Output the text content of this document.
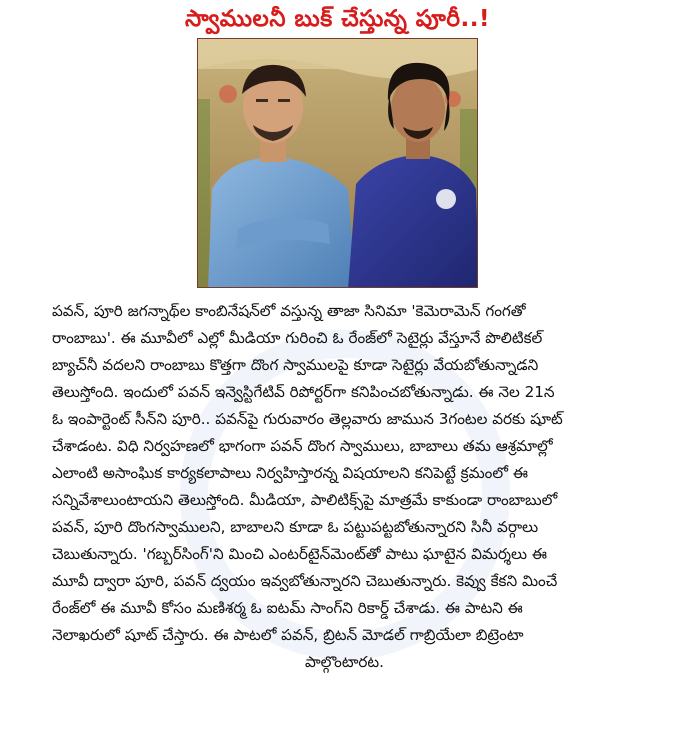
స్వాములనీ బుక్ చేస్తున్న పూరీ..!

పవన్, పూరి జగన్నాథ్‌ల కాంబినేషన్‌లో వస్తున్న తాజా సినిమా 'కెమెరామెన్ గంగతో

రాంబాబు'. ఈ మూవీలో ఎల్లో మీడియా గురించి ఓ రేంజ్‌లో సెటైర్లు వేస్తూనే పొలిటికల్

బ్యాచ్‌నీ వదలని రాంబాబు కొత్తగా దొంగ స్వాములపై కూడా సెటైర్లు వేయబోతున్నాడని

తెలుస్తోంది. ఇందులో పవన్ ఇన్వెస్టిగేటివ్ రిపోర్టర్‌గా కనిపించబోతున్నాడు. ఈ నెల 21న

ఓ ఇంపార్టెంట్ సీన్‌ని పూరి.. పవన్‌పై గురువారం తెల్లవారు జామున 3గంటల వరకు షూట్

చేశాడంట. విధి నిర్వహణలో భాగంగా పవన్ దొంగ స్వాములు, బాబాలు తమ ఆశ్రమాల్లో

ఎలాంటి అసాంఘిక కార్యకలాపాలు నిర్వహిస్తారన్న విషయాలని కనిపెట్టే క్రమంలో ఈ

సన్నివేశాలుంటాయని తెలుస్తోంది. మీడియా, పాలిటిక్స్‌పై మాత్రమే కాకుండా రాంబాబులో

పవన్, పూరి దొంగస్వాములని, బాబాలని కూడా ఓ పట్టుపట్టబోతున్నారని సినీ వర్గాలు

చెబుతున్నారు. 'గబ్బర్‌సింగ్'ని మించి ఎంటర్‌టైన్‌మెంట్‌తో పాటు ఘాటైన విమర్శలు ఈ

మూవీ ద్వారా పూరి, పవన్ ద్వయం ఇవ్వబోతున్నారని చెబుతున్నారు. కెవ్వు కేకని మించే

రేంజ్‌లో ఈ మూవీ కోసం మణిశర్మ ఓ ఐటమ్ సాంగ్‌ని రికార్డ్ చేశాడు. ఈ పాటని ఈ

నెలాఖరులో షూట్ చేస్తారు. ఈ పాటలో పవన్, బ్రిటన్ మోడల్ గాబ్రియేలా బిట్రెంటా

పాల్గొంటారట.
